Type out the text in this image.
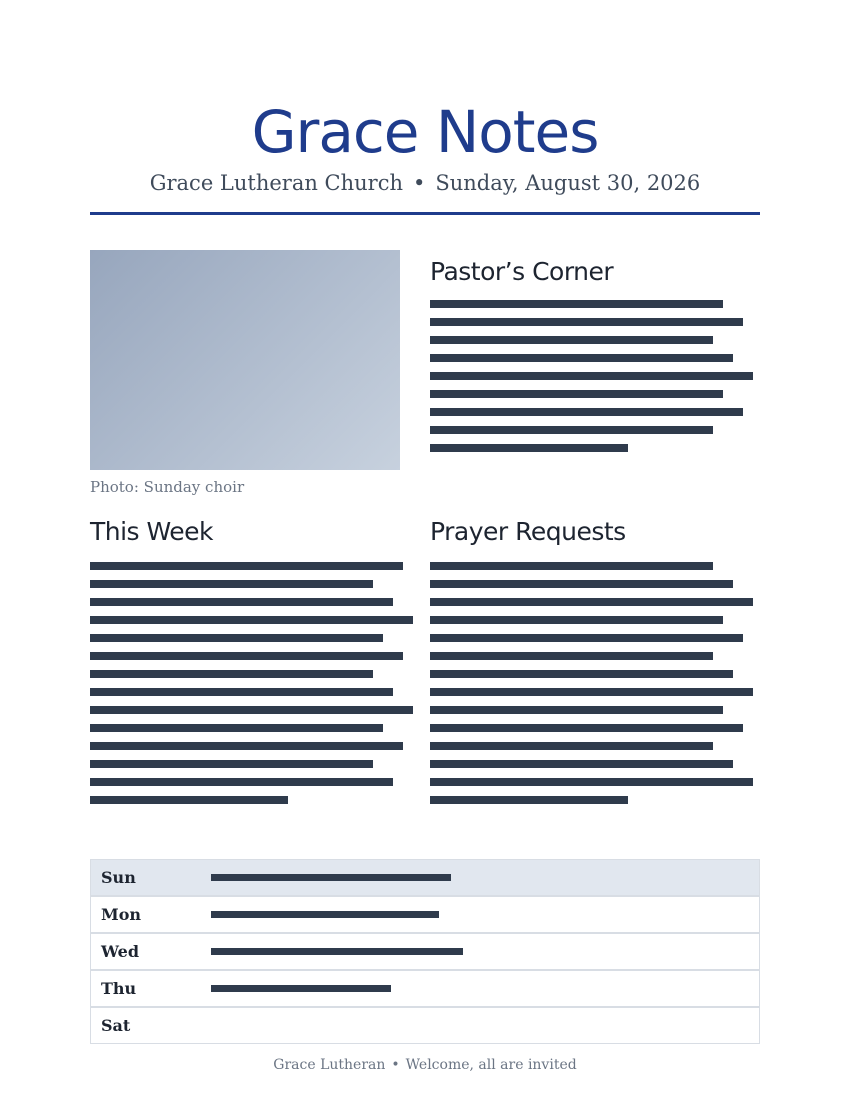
Grace Notes
Grace Lutheran Church • Sunday, August 30, 2026
Photo: Sunday choir
Pastor’s Corner
This Week	Prayer Requests
Sun	

Mon	

Wed	

Thu	

Sat	
Grace Lutheran • Welcome, all are invited
